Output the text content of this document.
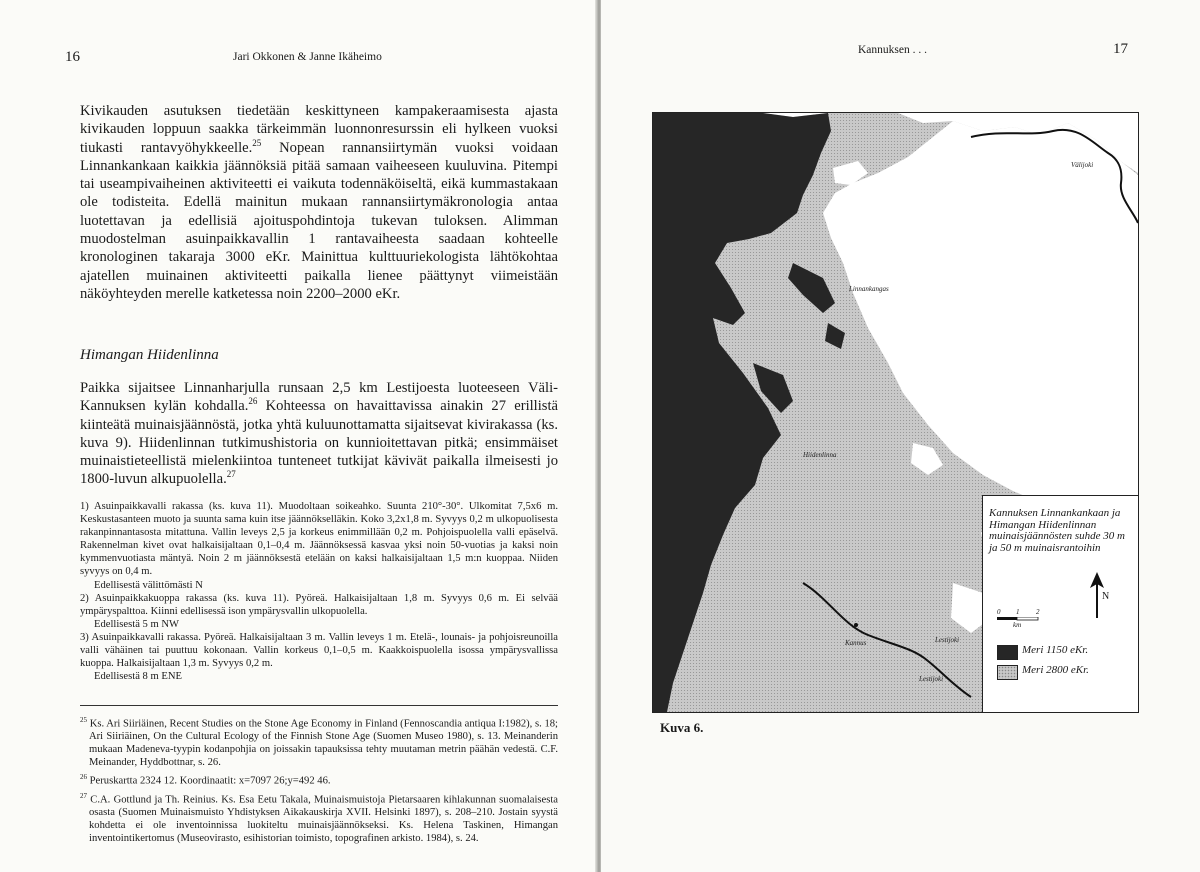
16	Jari Okkonen & Janne Ikäheimo

Kivikauden asutuksen tiedetään keskittyneen kampakeraamisesta ajasta kivikauden loppuun saakka tärkeimmän luonnonresurssin eli hylkeen vuoksi tiukasti rantavyöhykkeelle.$^{25}$ Nopean rannansiirtymän vuoksi voidaan Linnankankaan kaikkia jäännöksiä pitää samaan vaiheeseen kuuluvina. Pitempi tai useampivaiheinen aktiviteetti ei vaikuta todennäköiseltä, eikä kummastakaan ole todisteita. Edellä mainitun mukaan rannansiirtymäkronologia antaa luotettavan ja edellisiä ajoituspohdintoja tukevan tuloksen. Alimman muodostelman asuinpaikkavallin 1 rantavaiheesta saadaan kohteelle kronologinen takaraja 3000 eKr. Mainittua kulttuuriekologista lähtökohtaa ajatellen muinainen aktiviteetti paikalla lienee päättynyt viimeistään näköyhteyden merelle katketessa noin 2200–2000 eKr.

Himangan Hiidenlinna

Paikka sijaitsee Linnanharjulla runsaan 2,5 km Lestijoesta luoteeseen Väli-Kannuksen kylän kohdalla.$^{26}$ Kohteessa on havaittavissa ainakin 27 erillistä kiinteätä muinaisjäännöstä, jotka yhtä kuluunottamatta sijaitsevat kivirakassa (ks. kuva 9). Hiidenlinnan tutkimushistoria on kunnioitettavan pitkä; ensimmäiset muinaistieteellistä mielenkiintoa tunteneet tutkijat kävivät paikalla ilmeisesti jo 1800-luvun alkupuolella.$^{27}$

1) Asuinpaikkavalli rakassa (ks. kuva 11). Muodoltaan soikeahko. Suunta 210°-30°. Ulkomitat 7,5x6 m. Keskustasanteen muoto ja suunta sama kuin itse jäännökselläkin. Koko 3,2x1,8 m. Syvyys 0,2 m ulkopuolisesta rakanpinnantasosta mitattuna. Vallin leveys 2,5 ja korkeus enimmillään 0,2 m. Pohjoispuolella valli epäselvä. Rakennelman kivet ovat halkaisijaltaan 0,1–0,4 m. Jäännöksessä kasvaa yksi noin 50-vuotias ja kaksi noin kymmenvuotiasta mäntyä. Noin 2 m jäännöksestä etelään on kaksi halkaisijaltaan 1,5 m:n kuoppaa. Niiden syvyys on 0,4 m.

Edellisestä välittömästi N

2) Asuinpaikkakuoppa rakassa (ks. kuva 11). Pyöreä. Halkaisijaltaan 1,8 m. Syvyys 0,6 m. Ei selvää ympäryspalttoa. Kiinni edellisessä ison ympärysvallin ulkopuolella.

Edellisestä 5 m NW

3) Asuinpaikkavalli rakassa. Pyöreä. Halkaisijaltaan 3 m. Vallin leveys 1 m. Etelä-, lounais- ja pohjoisreunoilla valli vähäinen tai puuttuu kokonaan. Vallin korkeus 0,1–0,5 m. Kaakkoispuolella isossa ympärysvallissa kuoppa. Halkaisijaltaan 1,3 m. Syvyys 0,2 m.

Edellisestä 8 m ENE

$^{25}$ Ks. Ari Siiriäinen, Recent Studies on the Stone Age Economy in Finland (Fennoscandia antiqua I:1982), s. 18; Ari Siiriäinen, On the Cultural Ecology of the Finnish Stone Age (Suomen Museo 1980), s. 13. Meinanderin mukaan Madeneva-tyypin kodanpohjia on joissakin tapauksissa tehty muutaman metrin päähän vedestä. C.F. Meinander, Hyddbottnar, s. 26.

$^{26}$ Peruskartta 2324 12. Koordinaatit: x=7097 26;y=492 46.

$^{27}$ C.A. Gottlund ja Th. Reinius. Ks. Esa Eetu Takala, Muinaismuistoja Pietarsaaren kihlakunnan suomalaisesta osasta (Suomen Muinaismuisto Yhdistyksen Aikakauskirja XVII. Helsinki 1897), s. 208–210. Jostain syystä kohdetta ei ole inventoinnissa luokiteltu muinaisjäännökseksi. Ks. Helena Taskinen, Himangan inventointikertomus (Museovirasto, esihistorian toimisto, topografinen arkisto. 1984), s. 24.

Kannuksen . . .	17
Välijoki
Linnankangas
Hiidenlinna
Kannus	Lestijoki
Lestijoki
Kannuksen Linnankankaan ja Himangan Hiidenlinnan muinaisjäännösten suhde 30 m ja 50 m muinaisrantoihin
N
0 1 2
km
Meri 1150 eKr.
Meri 2800 eKr.
Kuva 6.
